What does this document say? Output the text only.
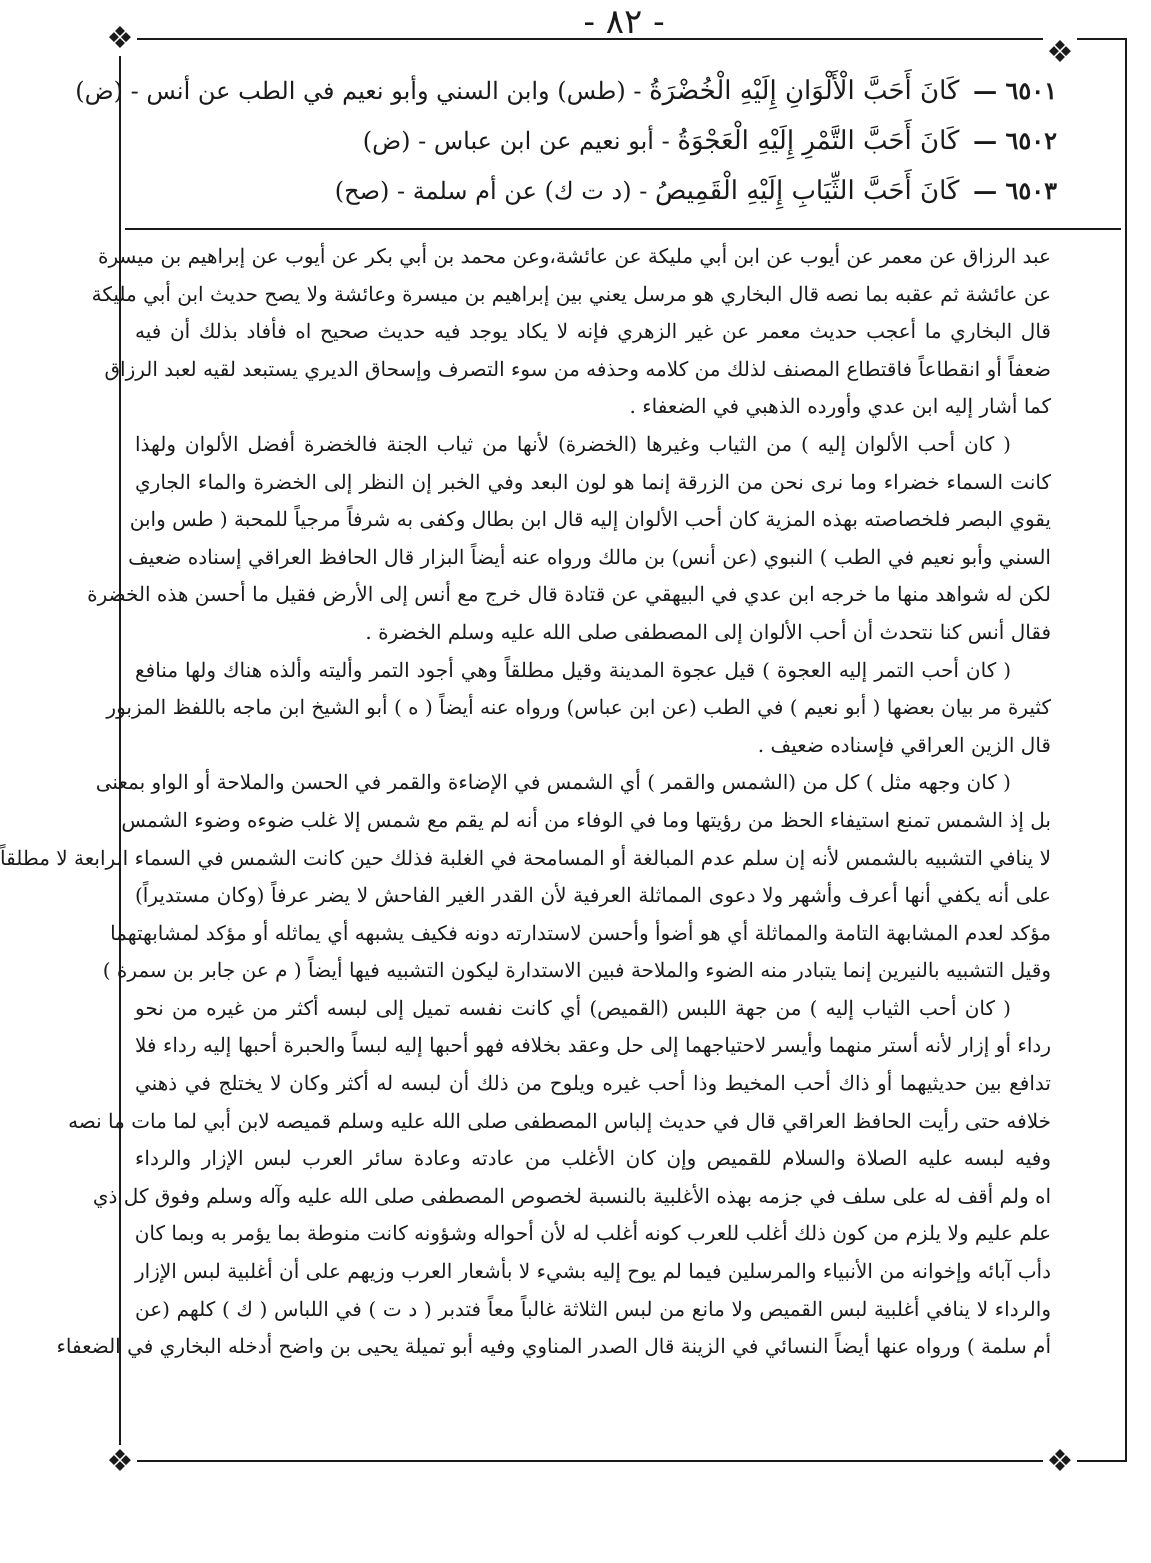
- ٨٢ -
❖	❖
❖	❖
٦٥٠١ — كَانَ أَحَبَّ الْأَلْوَانِ إِلَيْهِ الْخُضْرَةُ - (طس) وابن السني وأبو نعيم في الطب عن أنس - (ض)
٦٥٠٢ — كَانَ أَحَبَّ التَّمْرِ إِلَيْهِ الْعَجْوَةُ - أبو نعيم عن ابن عباس - (ض)
٦٥٠٣ — كَانَ أَحَبَّ الثِّيَابِ إِلَيْهِ الْقَمِيصُ - (د ت ك) عن أم سلمة - (صح)
عبد الرزاق عن معمر عن أيوب عن ابن أبي مليكة عن عائشة،وعن محمد بن أبي بكر عن أيوب عن إبراهيم بن ميسرة
عن عائشة ثم عقبه بما نصه قال البخاري هو مرسل يعني بين إبراهيم بن ميسرة وعائشة ولا يصح حديث ابن أبي مليكة
قال البخاري ما أعجب حديث معمر عن غير الزهري فإنه لا يكاد يوجد فيه حديث صحيح اه فأفاد بذلك أن فيه
ضعفاً أو انقطاعاً فاقتطاع المصنف لذلك من كلامه وحذفه من سوء التصرف وإسحاق الديري يستبعد لقيه لعبد الرزاق
كما أشار إليه ابن عدي وأورده الذهبي في الضعفاء .
( كان أحب الألوان إليه ) من الثياب وغيرها (الخضرة) لأنها من ثياب الجنة فالخضرة أفضل الألوان ولهذا
كانت السماء خضراء وما نرى نحن من الزرقة إنما هو لون البعد وفي الخبر إن النظر إلى الخضرة والماء الجاري
يقوي البصر فلخصاصته بهذه المزية كان أحب الألوان إليه قال ابن بطال وكفى به شرفاً مرجياً للمحبة ( طس وابن
السني وأبو نعيم في الطب ) النبوي (عن أنس) بن مالك ورواه عنه أيضاً البزار قال الحافظ العراقي إسناده ضعيف
لكن له شواهد منها ما خرجه ابن عدي في البيهقي عن قتادة قال خرج مع أنس إلى الأرض فقيل ما أحسن هذه الخضرة
فقال أنس كنا نتحدث أن أحب الألوان إلى المصطفى صلى الله عليه وسلم الخضرة .
( كان أحب التمر إليه العجوة ) قيل عجوة المدينة وقيل مطلقاً وهي أجود التمر وأليته وألذه هناك ولها منافع
كثيرة مر بيان بعضها ( أبو نعيم ) في الطب (عن ابن عباس) ورواه عنه أيضاً ( ه ) أبو الشيخ ابن ماجه باللفظ المزبور
قال الزين العراقي فإسناده ضعيف .
( كان وجهه مثل ) كل من (الشمس والقمر ) أي الشمس في الإضاءة والقمر في الحسن والملاحة أو الواو بمعنى
بل إذ الشمس تمنع استيفاء الحظ من رؤيتها وما في الوفاء من أنه لم يقم مع شمس إلا غلب ضوءه وضوء الشمس
لا ينافي التشبيه بالشمس لأنه إن سلم عدم المبالغة أو المسامحة في الغلبة فذلك حين كانت الشمس في السماء الرابعة لا مطلقاً
على أنه يكفي أنها أعرف وأشهر ولا دعوى المماثلة العرفية لأن القدر الغير الفاحش لا يضر عرفاً (وكان مستديراً)
مؤكد لعدم المشابهة التامة والمماثلة أي هو أضوأ وأحسن لاستدارته دونه فكيف يشبهه أي يماثله أو مؤكد لمشابهتهما
وقيل التشبيه بالنيرين إنما يتبادر منه الضوء والملاحة فبين الاستدارة ليكون التشبيه فيها أيضاً ( م عن جابر بن سمرة )
( كان أحب الثياب إليه ) من جهة اللبس (القميص) أي كانت نفسه تميل إلى لبسه أكثر من غيره من نحو
رداء أو إزار لأنه أستر منهما وأيسر لاحتياجهما إلى حل وعقد بخلافه فهو أحبها إليه لبساً والحبرة أحبها إليه رداء فلا
تدافع بين حديثيهما أو ذاك أحب المخيط وذا أحب غيره ويلوح من ذلك أن لبسه له أكثر وكان لا يختلج في ذهني
خلافه حتى رأيت الحافظ العراقي قال في حديث إلباس المصطفى صلى الله عليه وسلم قميصه لابن أبي لما مات ما نصه
وفيه لبسه عليه الصلاة والسلام للقميص وإن كان الأغلب من عادته وعادة سائر العرب لبس الإزار والرداء
اه ولم أقف له على سلف في جزمه بهذه الأغلبية بالنسبة لخصوص المصطفى صلى الله عليه وآله وسلم وفوق كل ذي
علم عليم ولا يلزم من كون ذلك أغلب للعرب كونه أغلب له لأن أحواله وشؤونه كانت منوطة بما يؤمر به وبما كان
دأب آبائه وإخوانه من الأنبياء والمرسلين فيما لم يوح إليه بشيء لا بأشعار العرب وزيهم على أن أغلبية لبس الإزار
والرداء لا ينافي أغلبية لبس القميص ولا مانع من لبس الثلاثة غالباً معاً فتدبر ( د ت ) في اللباس ( ك ) كلهم (عن
أم سلمة ) ورواه عنها أيضاً النسائي في الزينة قال الصدر المناوي وفيه أبو تميلة يحيى بن واضح أدخله البخاري في الضعفاء
